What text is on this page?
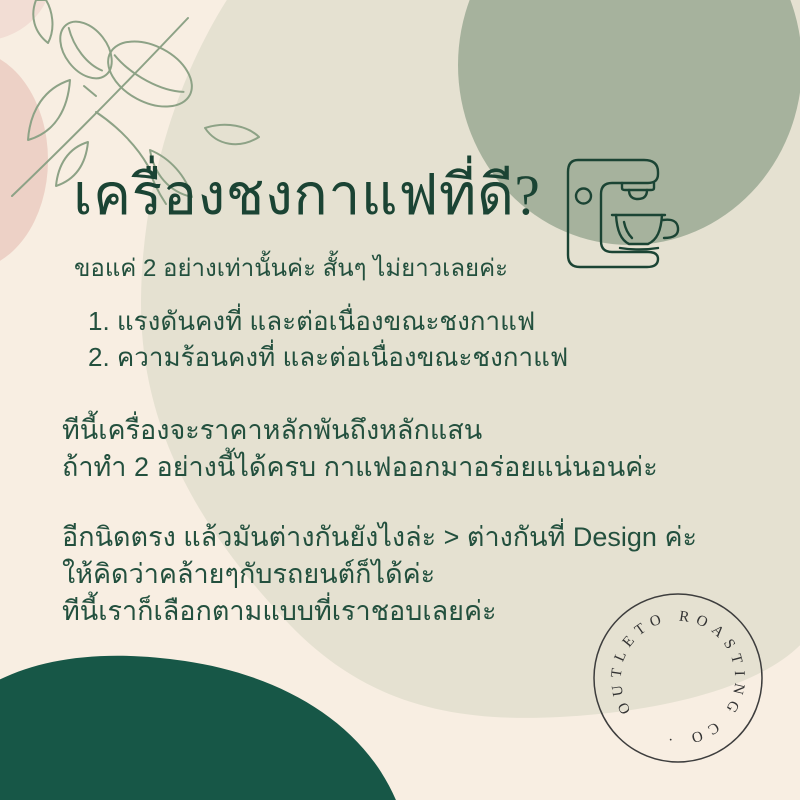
OUTLETO ROASTING CO ·
เครื่องชงกาแฟที่ดี?
ขอแค่ 2 อย่างเท่านั้นค่ะ สั้นๆ ไม่ยาวเลยค่ะ
1. แรงดันคงที่ และต่อเนื่องขณะชงกาแฟ
2. ความร้อนคงที่ และต่อเนื่องขณะชงกาแฟ
ทีนี้เครื่องจะราคาหลักพันถึงหลักแสน
ถ้าทำ 2 อย่างนี้ได้ครบ กาแฟออกมาอร่อยแน่นอนค่ะ
อีกนิดตรง แล้วมันต่างกันยังไงล่ะ > ต่างกันที่ Design ค่ะ
ให้คิดว่าคล้ายๆกับรถยนต์ก็ได้ค่ะ
ทีนี้เราก็เลือกตามแบบที่เราชอบเลยค่ะ
